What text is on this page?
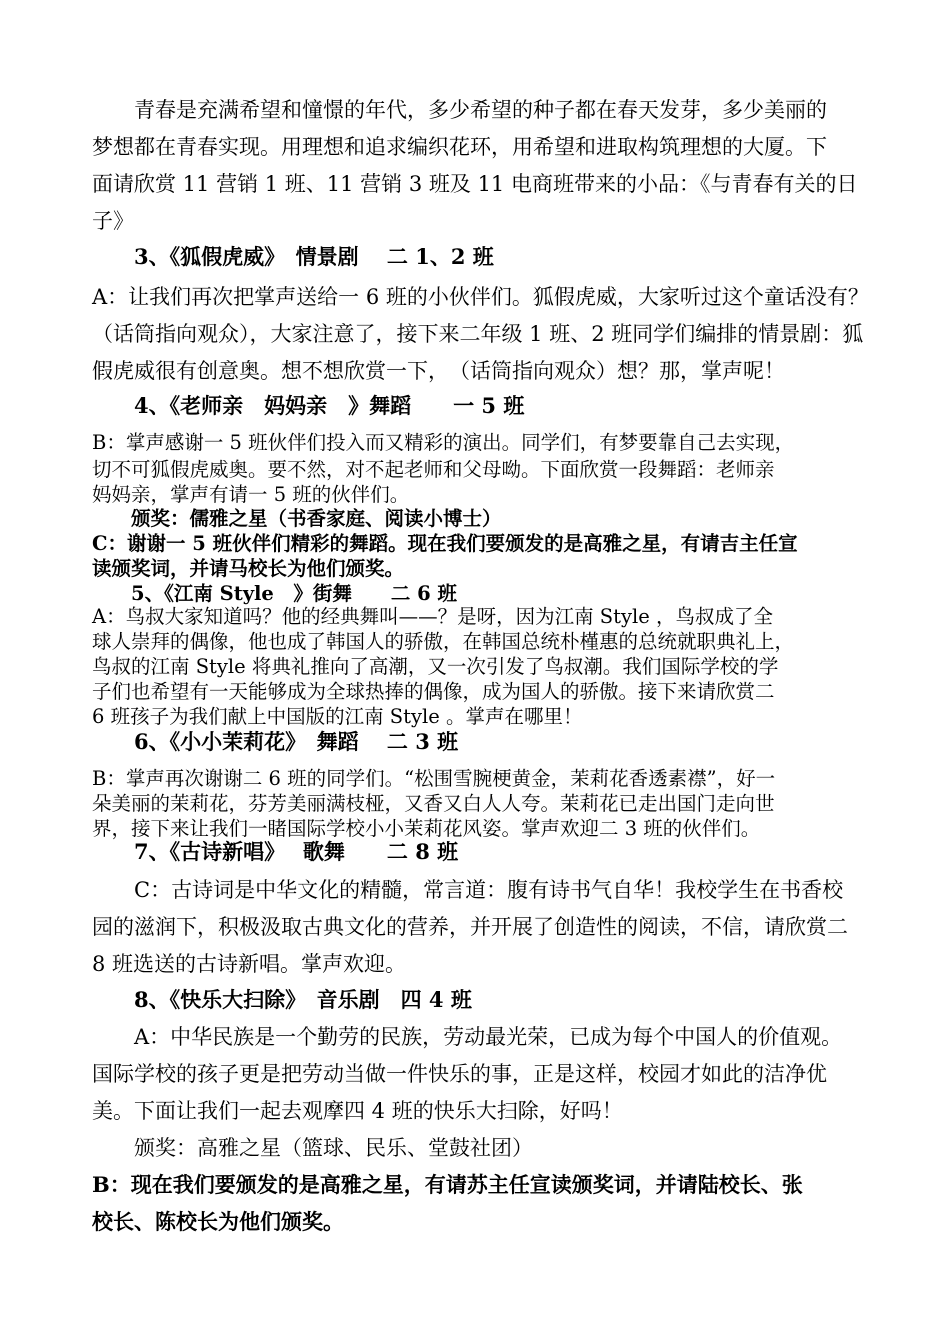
　　青春是充满希望和憧憬的年代，多少希望的种子都在春天发芽，多少美丽的

梦想都在青春实现。用理想和追求编织花环，用希望和进取构筑理想的大厦。下

面请欣赏 11 营销 1 班、11 营销 3 班及 11 电商班带来的小品：《与青春有关的日

子》

　　3、《狐假虎威》　情景剧　 二 1、2 班

A：让我们再次把掌声送给一 6 班的小伙伴们。狐假虎威，大家听过这个童话没有？

（话筒指向观众），大家注意了，接下来二年级 1 班、2 班同学们编排的情景剧：狐

假虎威很有创意奥。想不想欣赏一下，　（话筒指向观众）想？那，掌声呢！

　　4、《老师亲　妈妈亲　》舞蹈　　一 5 班

B：掌声感谢一 5 班伙伴们投入而又精彩的演出。同学们，有梦要靠自己去实现，

切不可狐假虎威奥。要不然，对不起老师和父母呦。下面欣赏一段舞蹈：老师亲

妈妈亲，掌声有请一 5 班的伙伴们。

　　颁奖：儒雅之星（书香家庭、阅读小博士）

C：谢谢一 5 班伙伴们精彩的舞蹈。现在我们要颁发的是高雅之星，有请吉主任宣

读颁奖词，并请马校长为他们颁奖。

　　5、《江南 Style　》街舞　　二 6 班

A：鸟叔大家知道吗？他的经典舞叫——？是呀，因为江南 Style ，鸟叔成了全

球人崇拜的偶像，他也成了韩国人的骄傲，在韩国总统朴槿惠的总统就职典礼上，

鸟叔的江南 Style 将典礼推向了高潮，又一次引发了鸟叔潮。我们国际学校的学

子们也希望有一天能够成为全球热捧的偶像，成为国人的骄傲。接下来请欣赏二

6 班孩子为我们献上中国版的江南 Style 。掌声在哪里！

　　6、《小小茉莉花》　舞蹈　 二 3 班

B：掌声再次谢谢二 6 班的同学们。“松围雪腕梗黄金，茉莉花香透素襟”，好一

朵美丽的茉莉花，芬芳美丽满枝桠，又香又白人人夸。茉莉花已走出国门走向世

界，接下来让我们一睹国际学校小小茉莉花风姿。掌声欢迎二 3 班的伙伴们。

　　7、《古诗新唱》　 歌舞　　二 8 班

　　C：古诗词是中华文化的精髓，常言道：腹有诗书气自华！我校学生在书香校

园的滋润下，积极汲取古典文化的营养，并开展了创造性的阅读，不信，请欣赏二

8 班选送的古诗新唱。掌声欢迎。

　　8、《快乐大扫除》　音乐剧　四 4 班

　　A：中华民族是一个勤劳的民族，劳动最光荣，已成为每个中国人的价值观。

国际学校的孩子更是把劳动当做一件快乐的事，正是这样，校园才如此的洁净优

美。下面让我们一起去观摩四 4 班的快乐大扫除，好吗！

　　颁奖：高雅之星（篮球、民乐、堂鼓社团）

B：现在我们要颁发的是高雅之星，有请苏主任宣读颁奖词，并请陆校长、张

校长、陈校长为他们颁奖。
